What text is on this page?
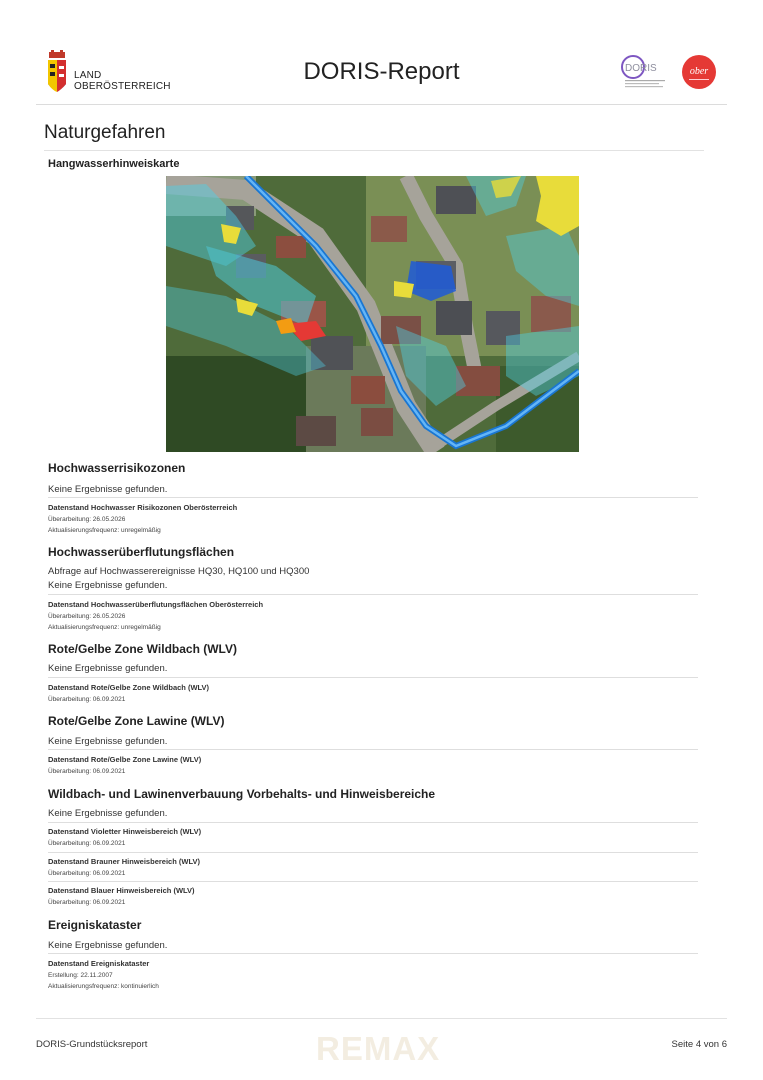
LAND
OBERÖSTERREICH
DORIS-Report	DORIS	ober
Naturgefahren
Hangwasserhinweiskarte
Hochwasserrisikozonen
Keine Ergebnisse gefunden.
Datenstand Hochwasser Risikozonen Oberösterreich
Überarbeitung: 26.05.2026
Aktualisierungsfrequenz: unregelmäßig
Hochwasserüberflutungsflächen
Abfrage auf Hochwasserereignisse HQ30, HQ100 und HQ300
Keine Ergebnisse gefunden.
Datenstand Hochwasserüberflutungsflächen Oberösterreich
Überarbeitung: 26.05.2026
Aktualisierungsfrequenz: unregelmäßig
Rote/Gelbe Zone Wildbach (WLV)
Keine Ergebnisse gefunden.
Datenstand Rote/Gelbe Zone Wildbach (WLV)
Überarbeitung: 06.09.2021
Rote/Gelbe Zone Lawine (WLV)
Keine Ergebnisse gefunden.
Datenstand Rote/Gelbe Zone Lawine (WLV)
Überarbeitung: 06.09.2021
Wildbach- und Lawinenverbauung Vorbehalts- und Hinweisbereiche
Keine Ergebnisse gefunden.
Datenstand Violetter Hinweisbereich (WLV)
Überarbeitung: 06.09.2021
Datenstand Brauner Hinweisbereich (WLV)
Überarbeitung: 06.09.2021
Datenstand Blauer Hinweisbereich (WLV)
Überarbeitung: 06.09.2021
Ereigniskataster
Keine Ergebnisse gefunden.
Datenstand Ereigniskataster
Erstellung: 22.11.2007
Aktualisierungsfrequenz: kontinuierlich
REMAX
DORIS-Grundstücksreport	Seite 4 von 6
